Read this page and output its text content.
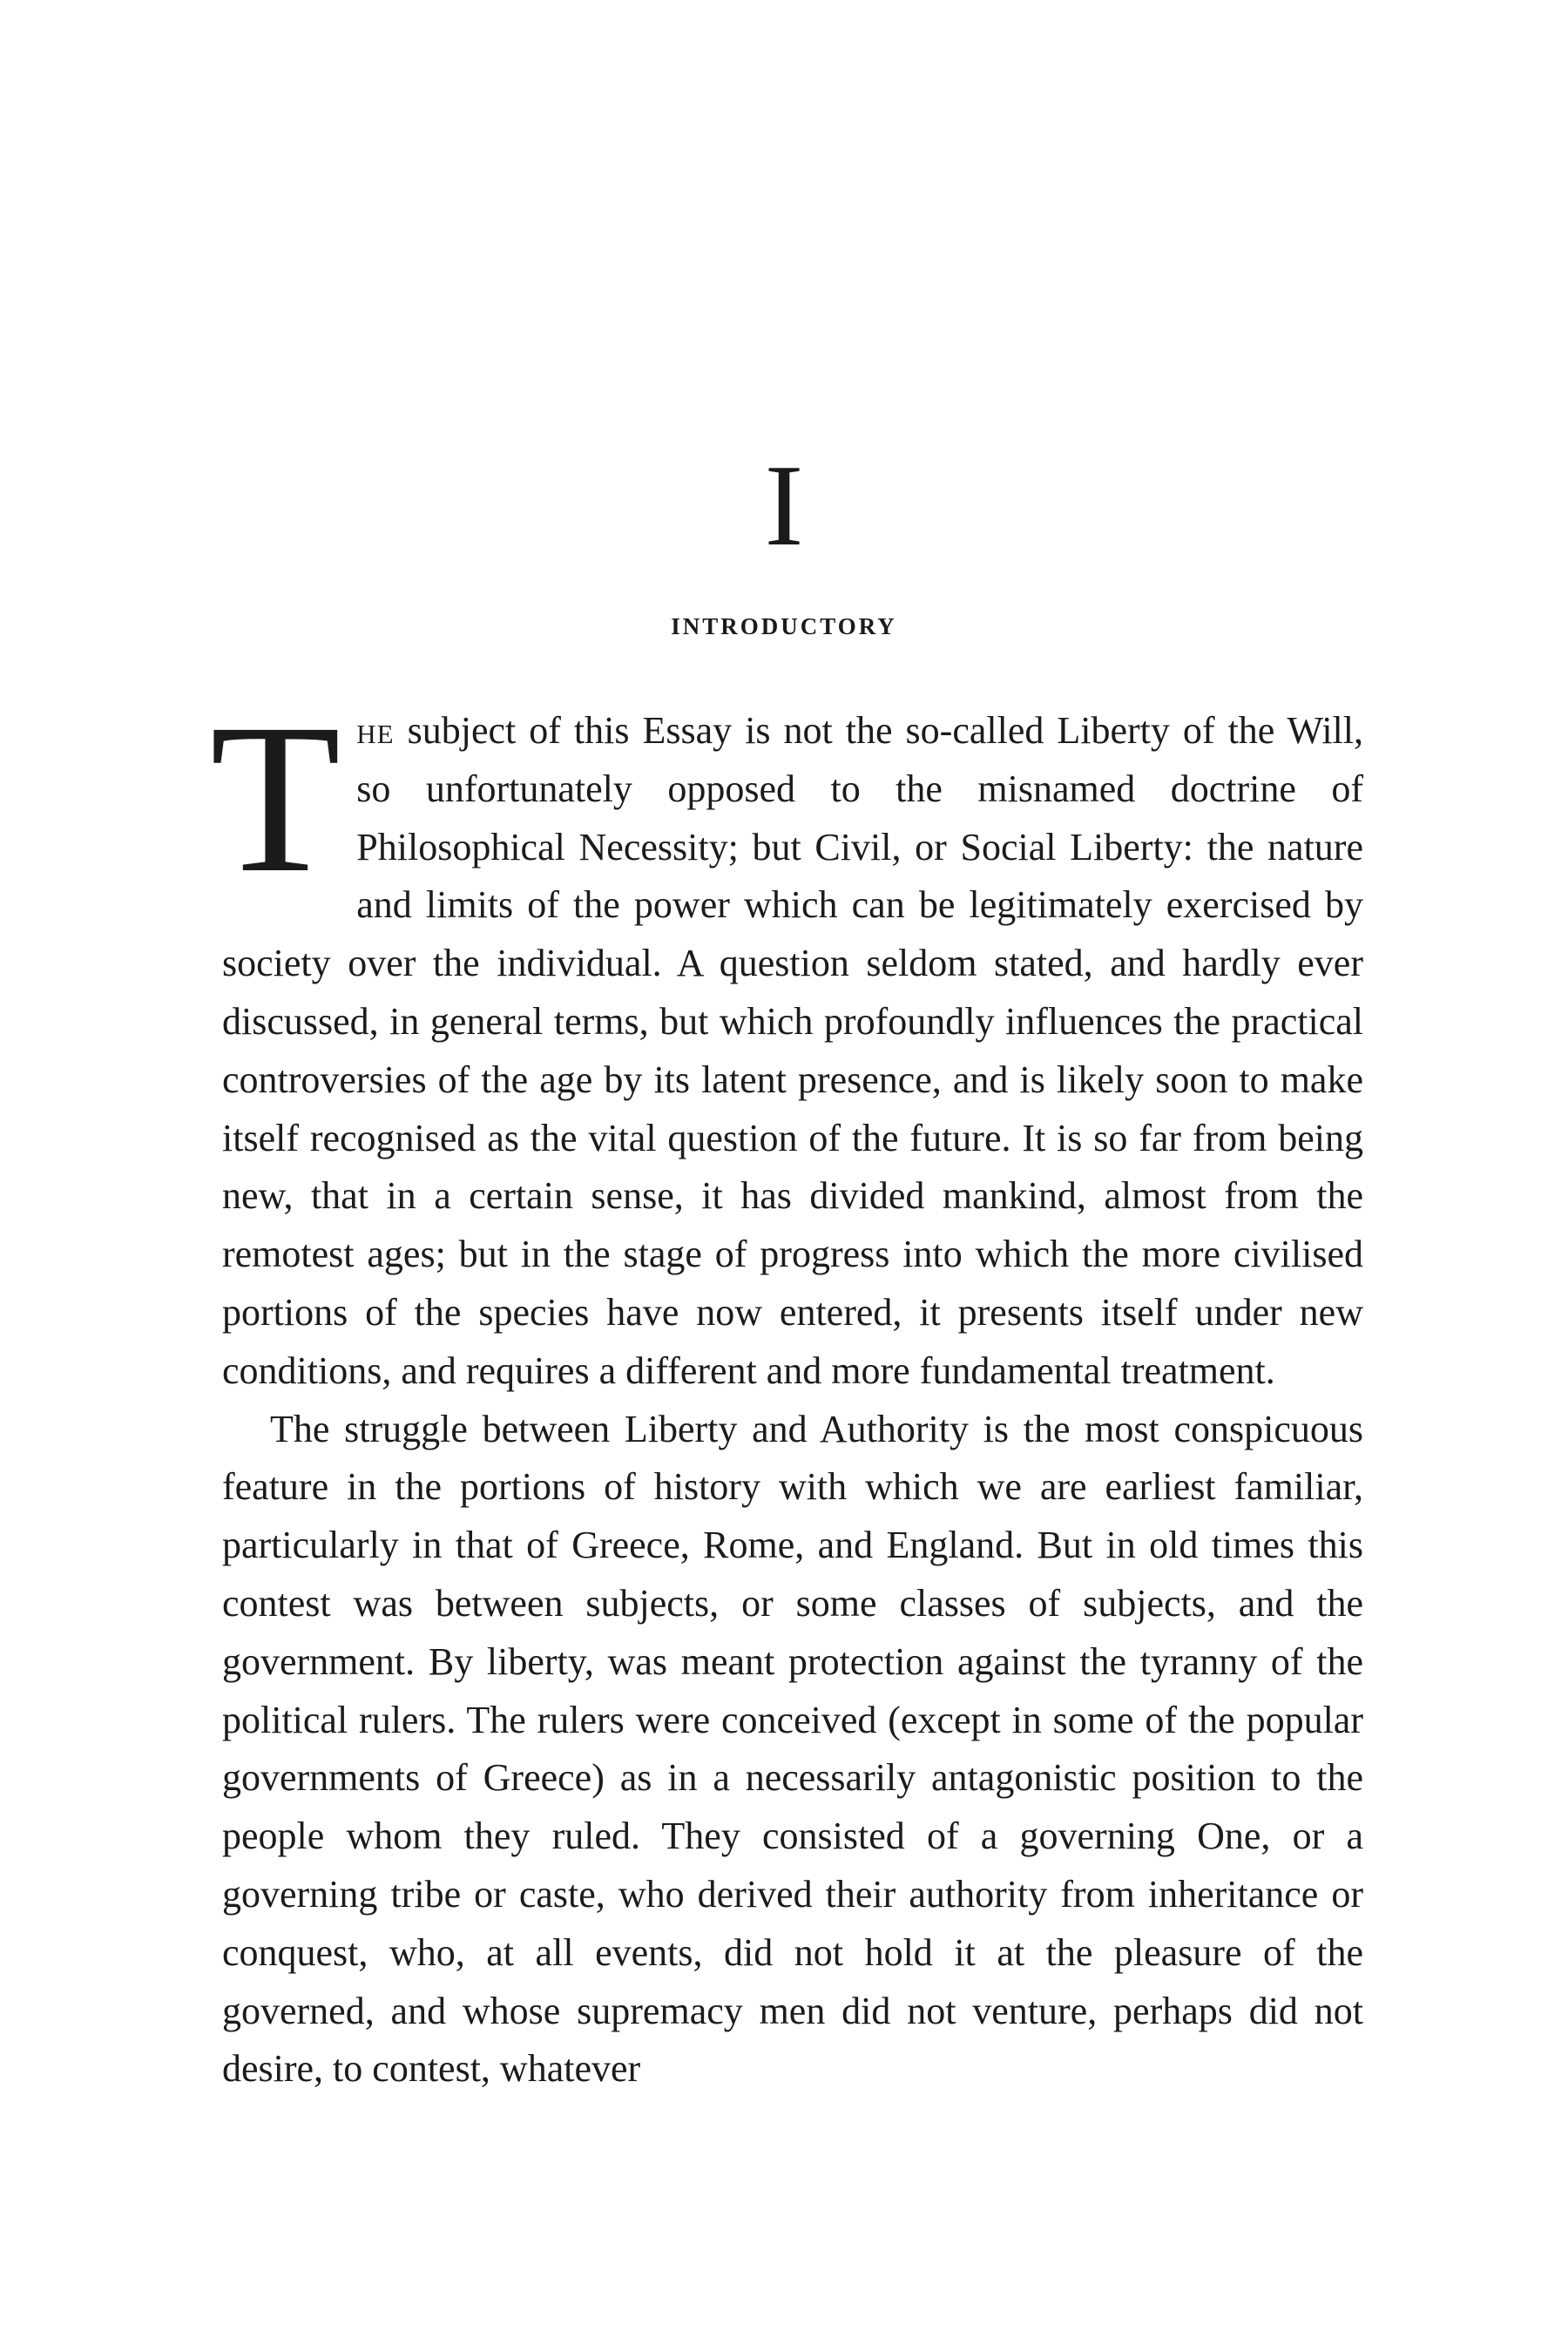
I
introductory

The subject of this Essay is not the so-called Liberty of the Will, so unfortunately opposed to the misnamed doctrine of Philosophical Necessity; but Civil, or Social Liberty: the nature and limits of the power which can be legitimately exercised by society over the individual. A question seldom stated, and hardly ever discussed, in general terms, but which profoundly influences the practical controversies of the age by its latent presence, and is likely soon to make itself recognised as the vital question of the future. It is so far from being new, that in a certain sense, it has divided mankind, almost from the remotest ages; but in the stage of progress into which the more civilised portions of the species have now entered, it presents itself under new conditions, and requires a different and more fundamental treatment.

The struggle between Liberty and Authority is the most conspicuous feature in the portions of history with which we are earliest familiar, particularly in that of Greece, Rome, and England. But in old times this contest was between subjects, or some classes of subjects, and the government. By liberty, was meant protection against the tyranny of the political rulers. The rulers were conceived (except in some of the popular governments of Greece) as in a necessarily antagonistic position to the people whom they ruled. They consisted of a governing One, or a governing tribe or caste, who derived their authority from inheritance or conquest, who, at all events, did not hold it at the pleasure of the governed, and whose supremacy men did not venture, perhaps did not desire, to contest, whatever
